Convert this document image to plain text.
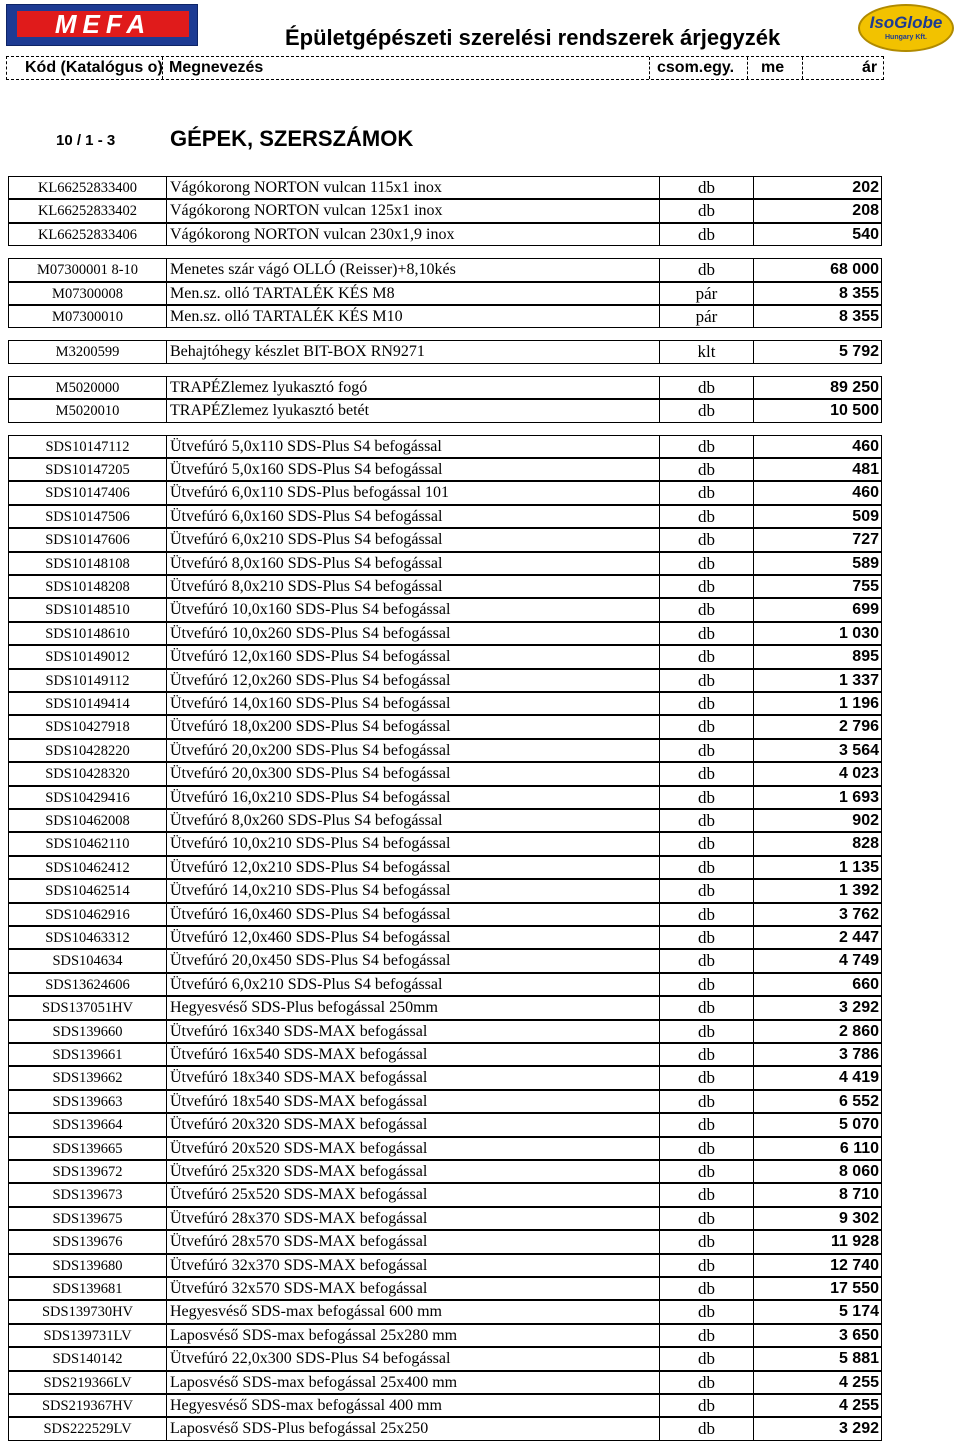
MEFA	IsoGlobe
Hungary Kft.
Épületgépészeti szerelési rendszerek árjegyzék
Kód (Katalógus o) Megnevezés	csom.egy. me	ár
10 / 1 - 3 GÉPEK, SZERSZÁMOK
KL66252833400	Vágókorong NORTON vulcan 115x1 inox	db	202
KL66252833402	Vágókorong NORTON vulcan 125x1 inox	db	208
KL66252833406	Vágókorong NORTON vulcan 230x1,9 inox	db	540
M07300001 8-10	Menetes szár vágó OLLÓ (Reisser)+8,10kés	db	68 000
M07300008	Men.sz. olló TARTALÉK KÉS M8	pár	8 355
M07300010	Men.sz. olló TARTALÉK KÉS M10	pár	8 355
M3200599	Behajtóhegy készlet BIT-BOX RN9271	klt	5 792
M5020000	TRAPÉZlemez lyukasztó fogó	db	89 250
M5020010	TRAPÉZlemez lyukasztó betét	db	10 500
SDS10147112	Ütvefúró 5,0x110 SDS-Plus S4 befogással	db	460
SDS10147205	Ütvefúró 5,0x160 SDS-Plus S4 befogással	db	481
SDS10147406	Ütvefúró 6,0x110 SDS-Plus befogással 101	db	460
SDS10147506	Ütvefúró 6,0x160 SDS-Plus S4 befogással	db	509
SDS10147606	Ütvefúró 6,0x210 SDS-Plus S4 befogással	db	727
SDS10148108	Ütvefúró 8,0x160 SDS-Plus S4 befogással	db	589
SDS10148208	Ütvefúró 8,0x210 SDS-Plus S4 befogással	db	755
SDS10148510	Ütvefúró 10,0x160 SDS-Plus S4 befogással	db	699
SDS10148610	Ütvefúró 10,0x260 SDS-Plus S4 befogással	db	1 030
SDS10149012	Ütvefúró 12,0x160 SDS-Plus S4 befogással	db	895
SDS10149112	Ütvefúró 12,0x260 SDS-Plus S4 befogással	db	1 337
SDS10149414	Ütvefúró 14,0x160 SDS-Plus S4 befogással	db	1 196
SDS10427918	Ütvefúró 18,0x200 SDS-Plus S4 befogással	db	2 796
SDS10428220	Ütvefúró 20,0x200 SDS-Plus S4 befogással	db	3 564
SDS10428320	Ütvefúró 20,0x300 SDS-Plus S4 befogással	db	4 023
SDS10429416	Ütvefúró 16,0x210 SDS-Plus S4 befogással	db	1 693
SDS10462008	Ütvefúró 8,0x260 SDS-Plus S4 befogással	db	902
SDS10462110	Ütvefúró 10,0x210 SDS-Plus S4 befogással	db	828
SDS10462412	Ütvefúró 12,0x210 SDS-Plus S4 befogással	db	1 135
SDS10462514	Ütvefúró 14,0x210 SDS-Plus S4 befogással	db	1 392
SDS10462916	Ütvefúró 16,0x460 SDS-Plus S4 befogással	db	3 762
SDS10463312	Ütvefúró 12,0x460 SDS-Plus S4 befogással	db	2 447
SDS104634	Ütvefúró 20,0x450 SDS-Plus S4 befogással	db	4 749
SDS13624606	Ütvefúró 6,0x210 SDS-Plus S4 befogással	db	660
SDS137051HV	Hegyesvéső SDS-Plus befogással 250mm	db	3 292
SDS139660	Ütvefúró 16x340 SDS-MAX befogással	db	2 860
SDS139661	Ütvefúró 16x540 SDS-MAX befogással	db	3 786
SDS139662	Ütvefúró 18x340 SDS-MAX befogással	db	4 419
SDS139663	Ütvefúró 18x540 SDS-MAX befogással	db	6 552
SDS139664	Ütvefúró 20x320 SDS-MAX befogással	db	5 070
SDS139665	Ütvefúró 20x520 SDS-MAX befogással	db	6 110
SDS139672	Ütvefúró 25x320 SDS-MAX befogással	db	8 060
SDS139673	Ütvefúró 25x520 SDS-MAX befogással	db	8 710
SDS139675	Ütvefúró 28x370 SDS-MAX befogással	db	9 302
SDS139676	Ütvefúró 28x570 SDS-MAX befogással	db	11 928
SDS139680	Ütvefúró 32x370 SDS-MAX befogással	db	12 740
SDS139681	Ütvefúró 32x570 SDS-MAX befogással	db	17 550
SDS139730HV	Hegyesvéső SDS-max befogással 600 mm	db	5 174
SDS139731LV	Laposvéső SDS-max befogással 25x280 mm	db	3 650
SDS140142	Ütvefúró 22,0x300 SDS-Plus S4 befogással	db	5 881
SDS219366LV	Laposvéső SDS-max befogással 25x400 mm	db	4 255
SDS219367HV	Hegyesvéső SDS-max befogással 400 mm	db	4 255
SDS222529LV	Laposvéső SDS-Plus befogással 25x250	db	3 292
